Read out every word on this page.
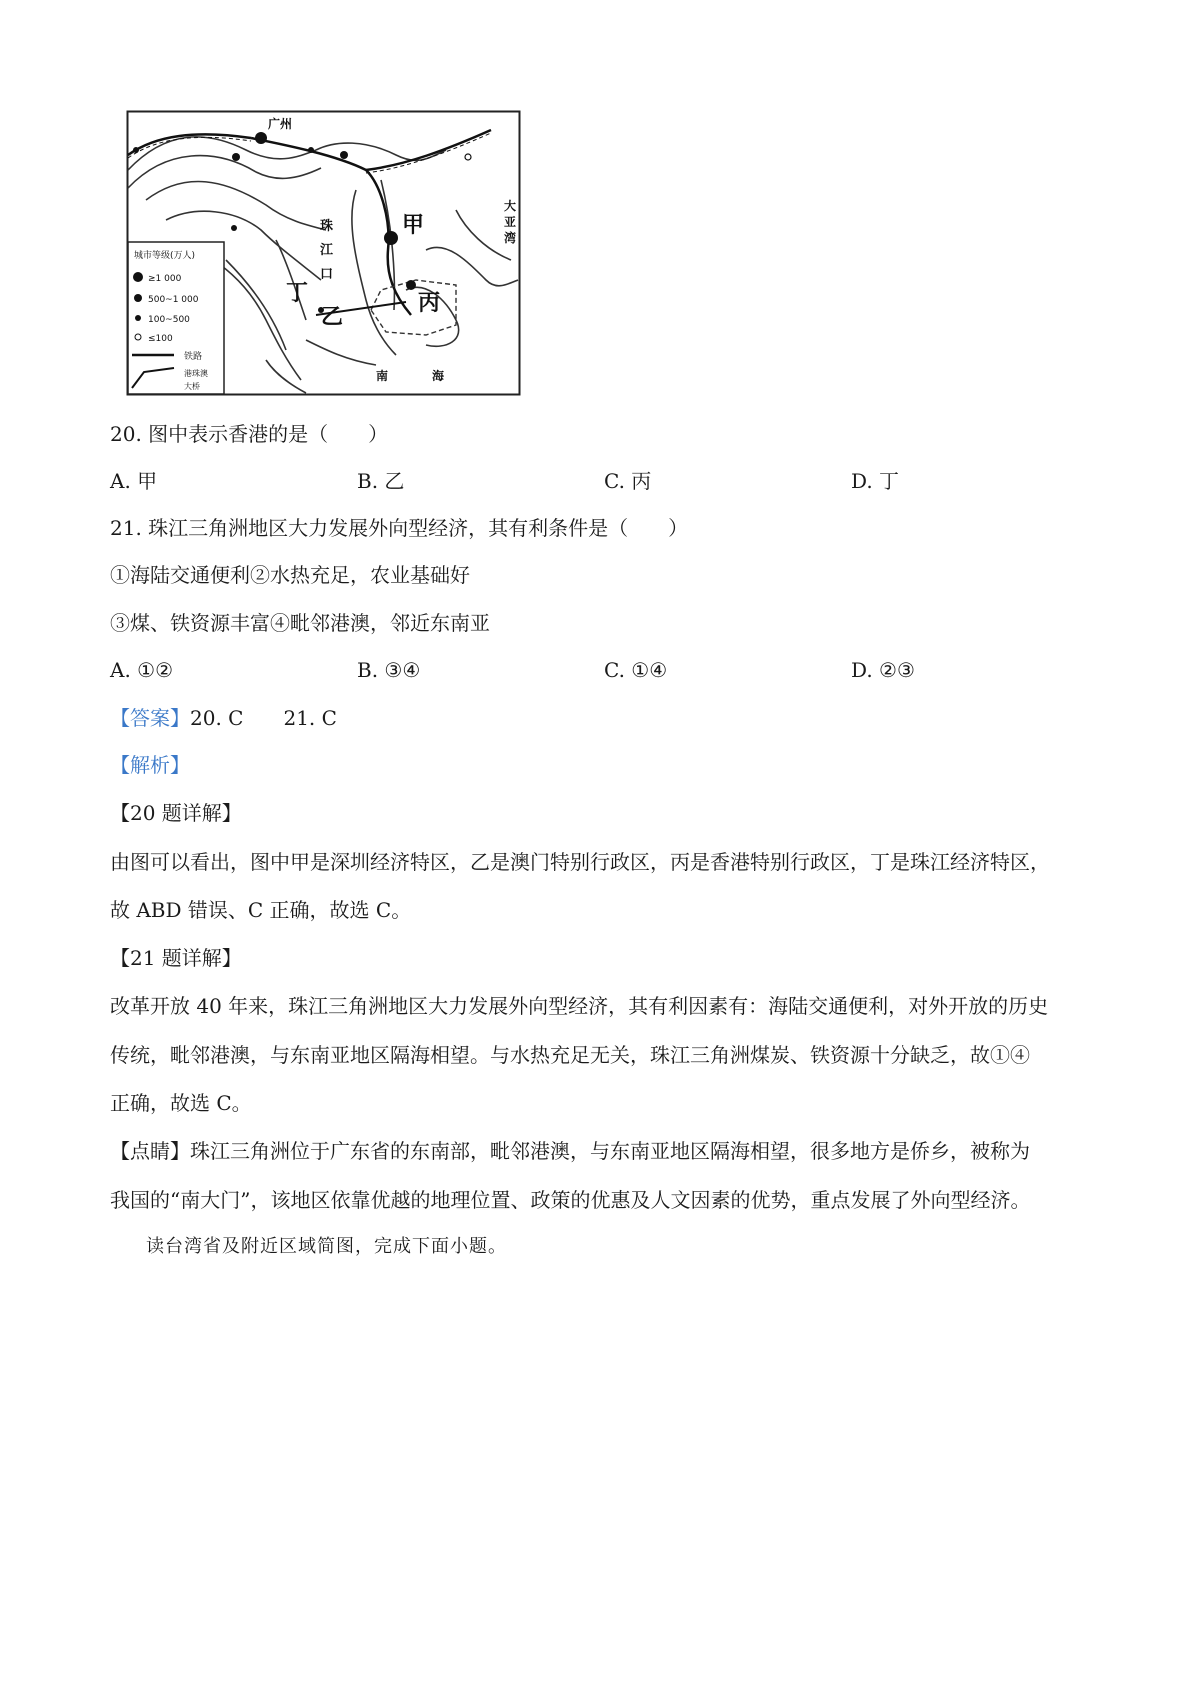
广州
甲
乙
丙
丁
珠
江
口
大
亚
湾
南	海
城市等级(万人)
≥1 000
500~1 000
100~500
≤100
铁路
港珠澳
大桥
20. 图中表示香港的是（　　）
A. 甲	B. 乙	C. 丙	D. 丁
21. 珠江三角洲地区大力发展外向型经济，其有利条件是（　　）
①海陆交通便利②水热充足，农业基础好
③煤、铁资源丰富④毗邻港澳，邻近东南亚
A. ①②	B. ③④	C. ①④	D. ②③
【答案】20. C　　21. C
【解析】
【20 题详解】
由图可以看出，图中甲是深圳经济特区，乙是澳门特别行政区，丙是香港特别行政区，丁是珠江经济特区，
故 ABD 错误、C 正确，故选 C。
【21 题详解】
改革开放 40 年来，珠江三角洲地区大力发展外向型经济，其有利因素有：海陆交通便利，对外开放的历史
传统，毗邻港澳，与东南亚地区隔海相望。与水热充足无关，珠江三角洲煤炭、铁资源十分缺乏，故①④
正确，故选 C。
【点睛】珠江三角洲位于广东省的东南部，毗邻港澳，与东南亚地区隔海相望，很多地方是侨乡，被称为
我国的“南大门”，该地区依靠优越的地理位置、政策的优惠及人文因素的优势，重点发展了外向型经济。
读台湾省及附近区域简图，完成下面小题。
